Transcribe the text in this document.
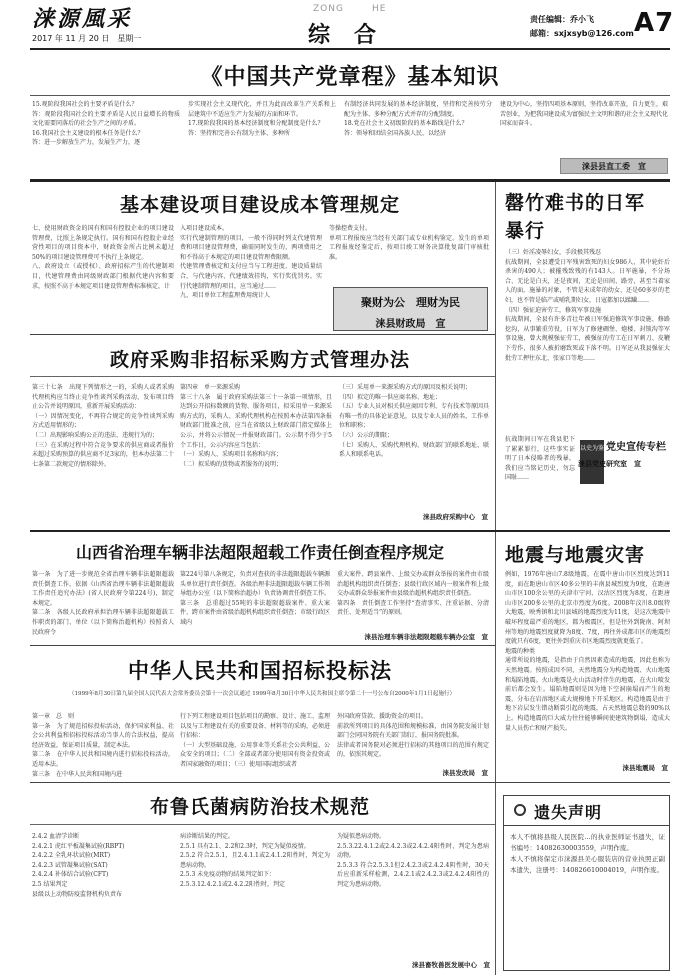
涞源風采
2017 年 11 月 20 日　星期一
ZONG	HE
综　合
责任编辑：乔小飞
邮箱：sxjxsyb@126.com A7
《中国共产党章程》基本知识
15.观阶段我国社会的主要矛盾是什么？
答：观阶段我国社会的主要矛盾是人民日益增长的物质文化需要同落后的社会生产之间的矛盾。
16.我国社会主义建设的根本任务是什么？
答：进一步解放生产力，发展生产力，逐
步实现社会主义现代化，并且为此而改革生产关系和上层建筑中不适应生产力发展的方面和环节。
17.现阶段我国的基本经济制度和分配制度是什么？
答：坚持和完善公有制为主体、多种所
有制经济共同发展的基本经济制度，坚持和完善按劳分配为主体、多种分配方式并存的分配制度。
18.党在社会主义初级阶段的基本路线是什么？
答：领导和团结全国各族人民，以经济
建设为中心，坚持四项基本原则，坚持改革开放，自力更生，艰苦创业，为把我国建设成为富强民主文明和谐的社会主义现代化国家而奋斗。
涞县县直工委　宣
基本建设项目建设成本管理规定
七、使用财政资金的国有和国有控股企业的项目建设管理费，比照上条规定执行。国有和国有控股企业经营性项目的项目资本中，财政资金所占比例未超过50%的项目建设管理费可不执行上条规定。
八、政府设立（或授权）、政府招标产生的代建制项目，代建管理费由同级财政部门根据代建内容和要求，按照不高于本规定项目建设管理费标准核定，计
入项目建设成本。
实行代建制管理的项目，一般不得同时列支代建管理费和项目建设管理费，确需同时发生的，两项费用之和不得高于本规定的项目建设管理费限额。
代建管理费核定和支付应当与工程进度、建设质量结合，与代建内容、代建绩效挂钩，实行奖优罚劣。实行代建制管理的项目，应当通过……
九、项目单位工程监理费用统计人
等操控费支付。
单项工程报废应当经有关部门或专业机构鉴定。发生的单项工程报废经鉴定后，按项目竣工财务决算批复部门审核批准。
聚财为公　理财为民
涞县财政局　宣
罄竹难书的日军
暴行
（三）奸淫凌辱妇女，手段极其残忍
抗战期间，全县遭受日军残害致死的妇女986人，其中轮奸后杀害的490人；被摧残致残的有143人。日军施暴，不分场合、无论是白天，还是夜间，无论是田间、路旁，甚至当着家人的面，施暴的对象，不管是未成年的幼女、还是60多岁的老妇，也不管是临产或哺乳期妇女，日寇都加以蹂躏……
（四）强征迫害劳工，修筑军事设施
抗战期间，全县有许多青壮年被日军强迫修筑军事设施、修路挖沟，从事繁重劳役，日军为了修建碉堡、炮楼、封锁沟等军事设施，曾大规模强征劳工，被强征的劳工在日军刺刀、皮鞭下劳作，很多人被折磨致死或下落不明。日军还从我县强征大批劳工押往东北、张家口等地……
抗战期间日军在我县犯下了累累罪行，这些事实证明了日本侵略者的残暴，我们应当铭记历史，勿忘国耻……
以史为鉴 党史宣传专栏
涞县党史研究室　宣
政府采购非招标采购方式管理办法
第三十七条　出现下列情形之一的，采购人或者采购代理机构应当终止竞争性谈判采购活动，发布项目终止公告并说明原因，重新开展采购活动：
（一）因情况变化，不再符合规定的竞争性谈判采购方式适用情形的；
（二）出现影响采购公正的违法、违规行为的；
（三）在采购过程中符合竞争要求的供应商或者报价未超过采购预算的供应商不足3家的，但本办法第二十七条第二款规定的情形除外。
第四章　单一来源采购
第三十八条　属于政府采购法第三十一条第一项情形，且达到公开招标数额的货物、服务项目，拟采用单一来源采购方式的，采购人、采购代理机构在按照本办法第四条报财政部门批准之前，应当在省级以上财政部门指定媒体上公示，并将公示情况一并报财政部门。公示期不得少于5个工作日，公示内容应当包括：
（一）采购人、采购项目名称和内容；
（二）拟采购的货物或者服务的说明；
（三）采用单一来源采购方式的原因及相关说明；
（四）拟定的唯一供应商名称、地址；
（五）专业人员对相关供应商因专利、专有技术等原因具有唯一性的具体论证意见，以及专业人员的姓名、工作单位和职称；
（六）公示的期限；
（七）采购人、采购代理机构、财政部门的联系地址、联系人和联系电话。
涞县政府采购中心　宣
山西省治理车辆非法超限超载工作责任倒查程序规定
第一条　为了进一步规范全省治理车辆非法超限超载责任倒查工作，依据《山西省治理车辆非法超限超载工作责任追究办法》(省人民政府令第224号)，制定本规定。
第二条　各级人民政府承担治理车辆非法超限超载工作职责的部门、单位（以下简称治超机构）按照省人民政府令
第224号第八条规定，负责对查获的非法超限超载车辆源头单位进行责任倒查。各级治理非法超限超载车辆工作领导组办公室（以下简称治超办）负责协调责任倒查工作。
第三条　总重超过55吨的非法超限超载案件、重大案件、跨市案件由省级治超机构组织责任倒查；市级行政区域内
重大案件、跨县案件、上级交办或群众举报的案件由市级治超机构组织责任倒查；县级行政区域内一般案件和上级交办或群众举报案件由县级治超机构组织责任倒查。
第四条　责任倒查工作坚持“查清事实、注重证据、分清责任、处理适当”的原则。
涞县治理车辆非法超限超载车辆办公室　宣
地震与地震灾害
例如，1976年唐山7.8级地震，在震中唐山市区烈度达到11度，而在距唐山市区40多公里的丰南县城烈度为9度，在距唐山市区100余公里的天津市宁河、汉沽区烈度为8度，在距唐山市区200多公里的北京市烈度为6度。2008年汶川8.0级特大地震，映秀镇和北川县城的地震烈度为11度，是这次地震中破坏程度最严重的地区，都为极震区，但是往外到陇南、阿坝州等地的地震烈度就降为8度、7度，再往外成都市区的地震烈度就只有6度，更往外到重庆市区地震烈度就更低了。
地震的种类
通常所说的地震，是指由于自然因素造成的地震，因此也称为天然地震。按照成因不同，天然地震分为构造地震、火山地震和塌陷地震。火山地震是火山活动时伴生的地震，在火山喷发前后都会发生。塌陷地震则是因为地下空洞崩塌而产生的地震，分布在岩溶地区或大规模地下开采地区。构造地震是由于地下岩层发生错动断裂引起的地震，占天然地震总数的90%以上。构造地震的巨大威力往往能够瞬间使建筑物倒塌，造成大量人员伤亡和财产损失。
涞县地震局　宣
中华人民共和国招标投标法
（1999年8月30日第九届全国人民代表大会常务委员会第十一次会议通过 1999年8月30日中华人民共和国主席令第二十一号公布自2000年1月1日起施行）
第一章　总　则
第一条　为了规范招标投标活动，保护国家利益、社会公共利益和招标投标活动当事人的合法权益，提高经济效益，保证项目质量，制定本法。
第二条　在中华人民共和国境内进行招标投标活动，适用本法。
第三条　在中华人民共和国境内进
行下列工程建设项目包括项目的勘察、设计、施工、监理以及与工程建设有关的重要设备、材料等的采购，必须进行招标：
（一）大型基础设施、公用事业等关系社会公共利益、公众安全的项目；（二）全部或者部分使用国有资金投资或者国家融资的项目；（三）使用国际组织或者
外国政府贷款、援助资金的项目。
前款所列项目的具体范围和规模标准，由国务院发展计划部门会同国务院有关部门制订，报国务院批准。
法律或者国务院对必须进行招标的其他项目的范围有规定的，依照其规定。
涞县发改局　宣
布鲁氏菌病防治技术规范
2.4.2 血清学诊断
2.4.2.1 虎红平板凝集试验(RBPT)
2.4.2.2 全乳环状试验(MRT)
2.4.2.3 试管凝集试验(SAT)
2.4.2.4 补体结合试验(CFT)
2.5 结果判定
县级以上动物防疫监督机构负责布
病诊断结果的判定。
2.5.1 具有2.1、2.2和2.3时，判定为疑似疫情。
2.5.2 符合2.5.1，且2.4.1.1或2.4.1.2阳性时，判定为患病动物。
2.5.3 未免疫动物的结果判定如下：
2.5.3.12.4.2.1或2.4.2.2阳性时，判定
为疑似患病动物。
2.5.3.22.4.1.2或2.4.2.3或2.4.2.4阳性时，判定为患病动物。
2.5.3.3 符合2.5.3.1但2.4.2.3或2.4.2.4阴性时，30天后应重新采样检测，2.4.2.1或2.4.2.3或2.4.2.4阳性的判定为患病动物。
涞县畜牧兽医发展中心　宣
遗失声明
本人不慎将县级人民医院…的执业医师证书遗失，证书编号：14082630003559，声明作废。
本人不慎将保定市涞源县美心服装店的营业执照正副本遗失，注册号：140826610004019，声明作废。
